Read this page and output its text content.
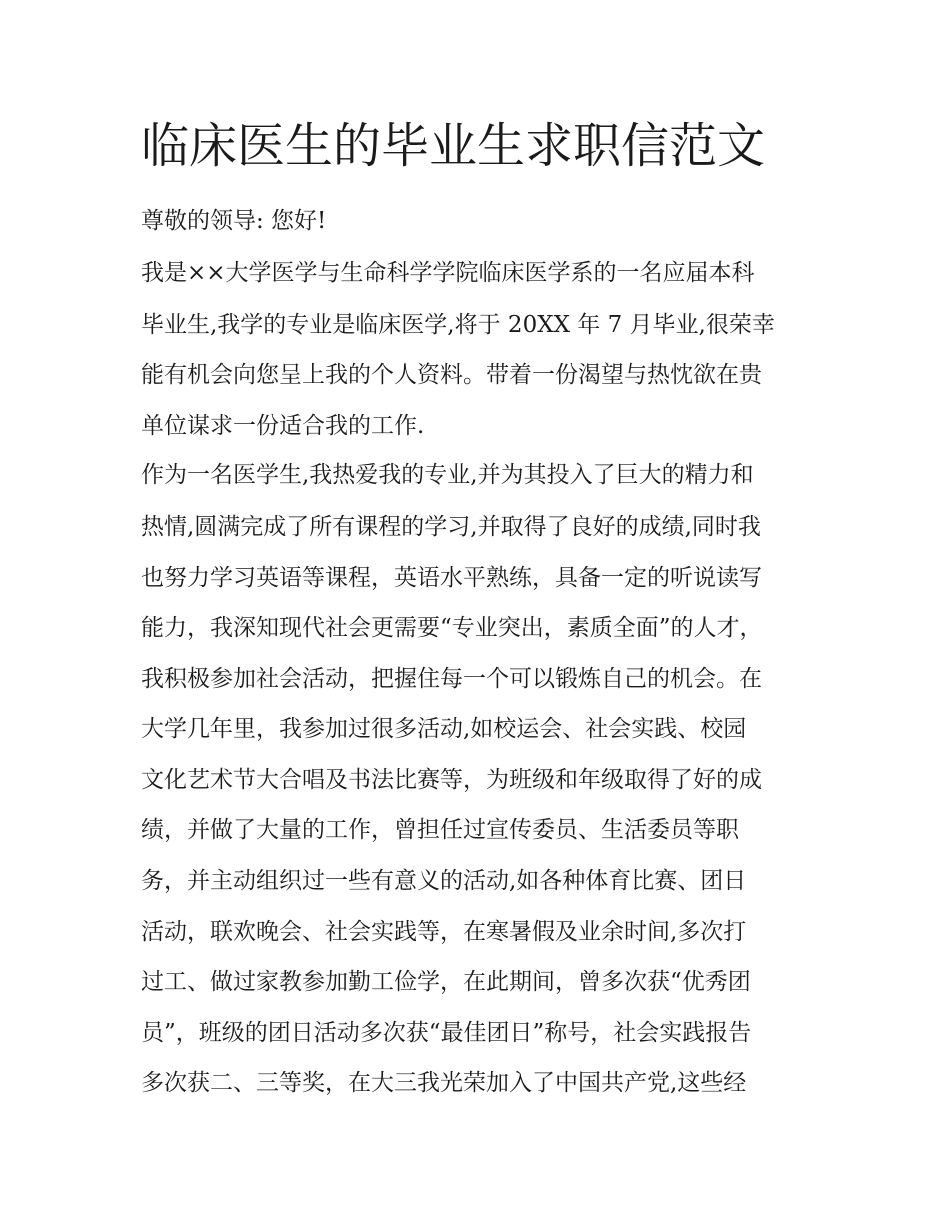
临床医生的毕业生求职信范文

尊敬的领导: 您好!

我是××大学医学与生命科学学院临床医学系的一名应届本科

毕业生,我学的专业是临床医学,将于 20XX 年 7 月毕业,很荣幸

能有机会向您呈上我的个人资料。带着一份渴望与热忱欲在贵

单位谋求一份适合我的工作.

作为一名医学生,我热爱我的专业,并为其投入了巨大的精力和

热情,圆满完成了所有课程的学习,并取得了良好的成绩,同时我

也努力学习英语等课程，英语水平熟练，具备一定的听说读写

能力，我深知现代社会更需要“专业突出，素质全面”的人才，

我积极参加社会活动，把握住每一个可以锻炼自己的机会。在

大学几年里，我参加过很多活动,如校运会、社会实践、校园

文化艺术节大合唱及书法比赛等，为班级和年级取得了好的成

绩，并做了大量的工作，曾担任过宣传委员、生活委员等职

务，并主动组织过一些有意义的活动,如各种体育比赛、团日

活动，联欢晚会、社会实践等，在寒暑假及业余时间,多次打

过工、做过家教参加勤工俭学，在此期间，曾多次获“优秀团

员”，班级的团日活动多次获“最佳团日”称号，社会实践报告

多次获二、三等奖，在大三我光荣加入了中国共产党,这些经
